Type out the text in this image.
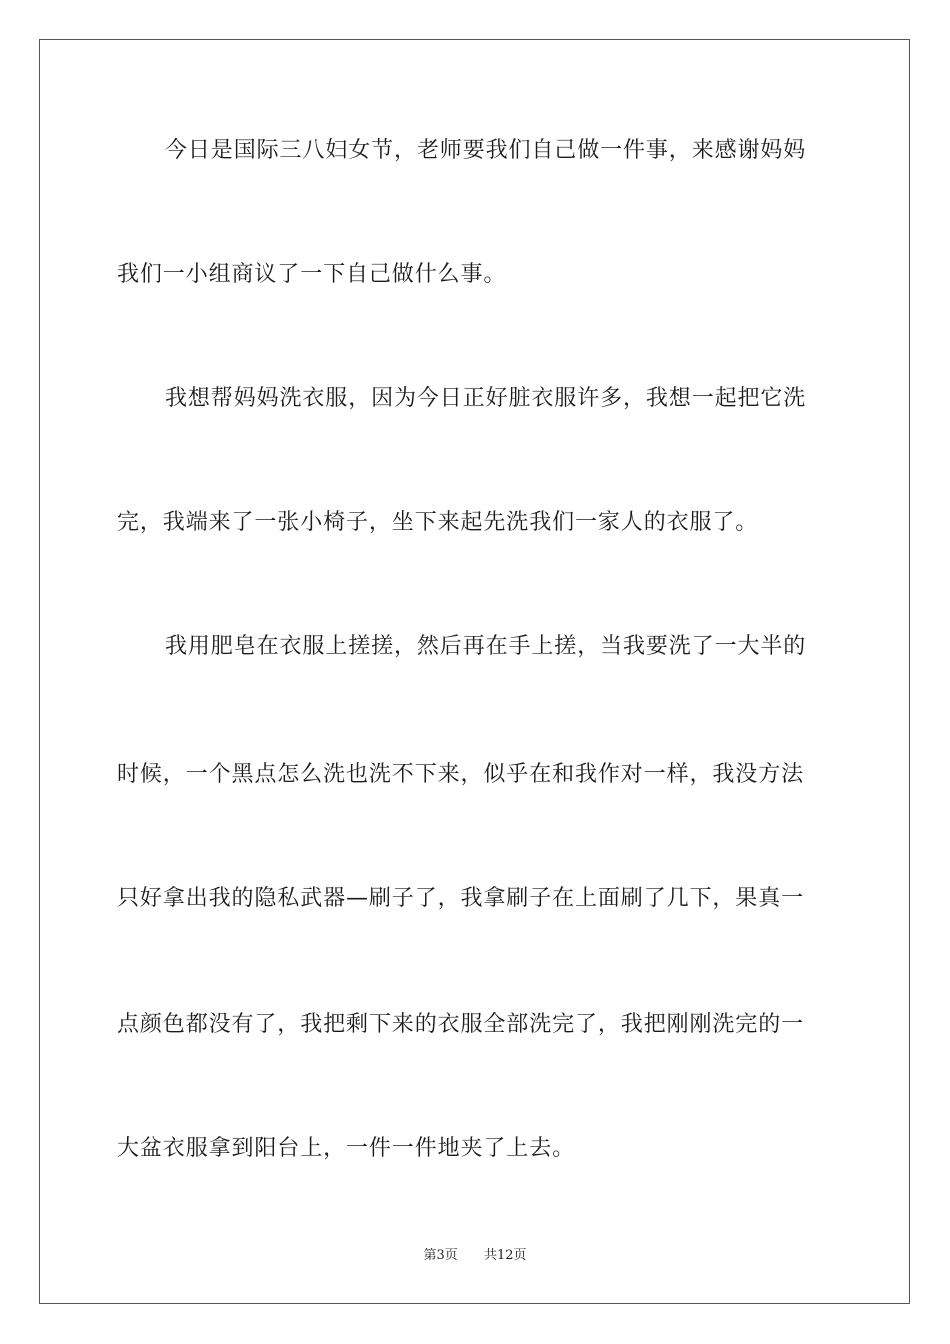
今日是国际三八妇女节，老师要我们自己做一件事，来感谢妈妈
我们一小组商议了一下自己做什么事。
我想帮妈妈洗衣服，因为今日正好脏衣服许多，我想一起把它洗
完，我端来了一张小椅子，坐下来起先洗我们一家人的衣服了。
我用肥皂在衣服上搓搓，然后再在手上搓，当我要洗了一大半的
时候，一个黑点怎么洗也洗不下来，似乎在和我作对一样，我没方法
只好拿出我的隐私武器—刷子了，我拿刷子在上面刷了几下，果真一
点颜色都没有了，我把剩下来的衣服全部洗完了，我把刚刚洗完的一
大盆衣服拿到阳台上，一件一件地夹了上去。
第3页 共12页
